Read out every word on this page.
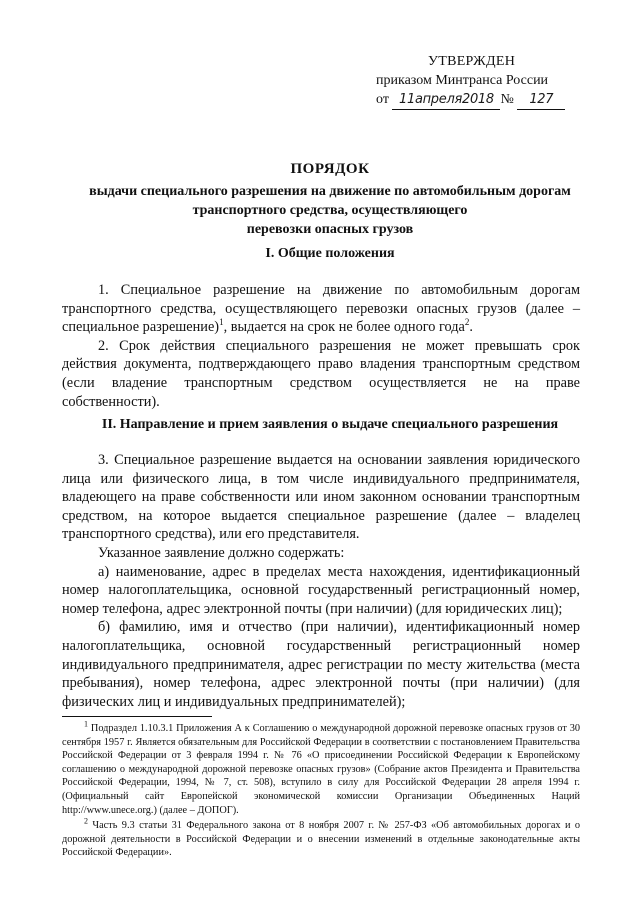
УТВЕРЖДЕН
приказом Минтранса России
от 11апреля2018 № 127
ПОРЯДОК
выдачи специального разрешения на движение по автомобильным дорогам
транспортного средства, осуществляющего
перевозки опасных грузов
I. Общие положения

1. Специальное разрешение на движение по автомобильным дорогам транспортного средства, осуществляющего перевозки опасных грузов (далее – специальное разрешение)$^1$, выдается на срок не более одного года$^2$.

2. Срок действия специального разрешения не может превышать срок действия документа, подтверждающего право владения транспортным средством (если владение транспортным средством осуществляется не на праве собственности).

II. Направление и прием заявления о выдаче специального разрешения

3. Специальное разрешение выдается на основании заявления юридического лица или физического лица, в том числе индивидуального предпринимателя, владеющего на праве собственности или ином законном основании транспортным средством, на которое выдается специальное разрешение (далее – владелец транспортного средства), или его представителя.

Указанное заявление должно содержать:

а) наименование, адрес в пределах места нахождения, идентификационный номер налогоплательщика, основной государственный регистрационный номер, номер телефона, адрес электронной почты (при наличии) (для юридических лиц);

б) фамилию, имя и отчество (при наличии), идентификационный номер налогоплательщика, основной государственный регистрационный номер индивидуального предпринимателя, адрес регистрации по месту жительства (места пребывания), номер телефона, адрес электронной почты (при наличии) (для физических лиц и индивидуальных предпринимателей);

$^1$ Подраздел 1.10.3.1 Приложения А к Соглашению о международной дорожной перевозке опасных грузов от 30 сентября 1957 г. Является обязательным для Российской Федерации в соответствии с постановлением Правительства Российской Федерации от 3 февраля 1994 г. № 76 «О присоединении Российской Федерации к Европейскому соглашению о международной дорожной перевозке опасных грузов» (Собрание актов Президента и Правительства Российской Федерации, 1994, № 7, ст. 508), вступило в силу для Российской Федерации 28 апреля 1994 г. (Официальный сайт Европейской экономической комиссии Организации Объединенных Наций http://www.unece.org.) (далее – ДОПОГ).

$^2$ Часть 9.3 статьи 31 Федерального закона от 8 ноября 2007 г. № 257-ФЗ «Об автомобильных дорогах и о дорожной деятельности в Российской Федерации и о внесении изменений в отдельные законодательные акты Российской Федерации».
